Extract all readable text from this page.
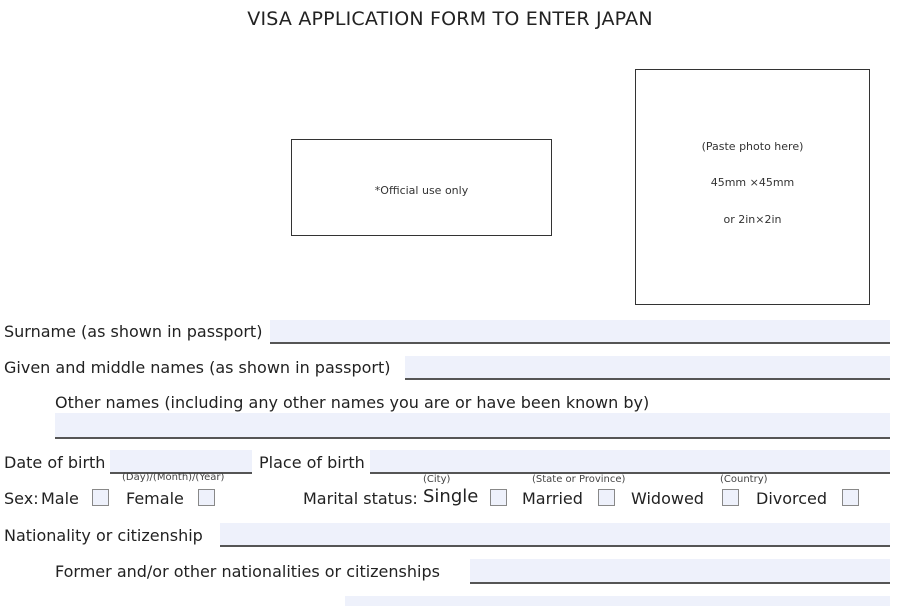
VISA APPLICATION FORM TO ENTER JAPAN
*Official use only
(Paste photo here)
45mm ×45mm
or 2in×2in
Surname (as shown in passport)
Given and middle names (as shown in passport)
Other names (including any other names you are or have been known by)
Date of birth
(Day)/(Month)/(Year)
Place of birth
(City)	(State or Province)	(Country)
Sex: Male	Female	Marital status: Single	Married	Widowed	Divorced
Nationality or citizenship
Former and/or other nationalities or citizenships
